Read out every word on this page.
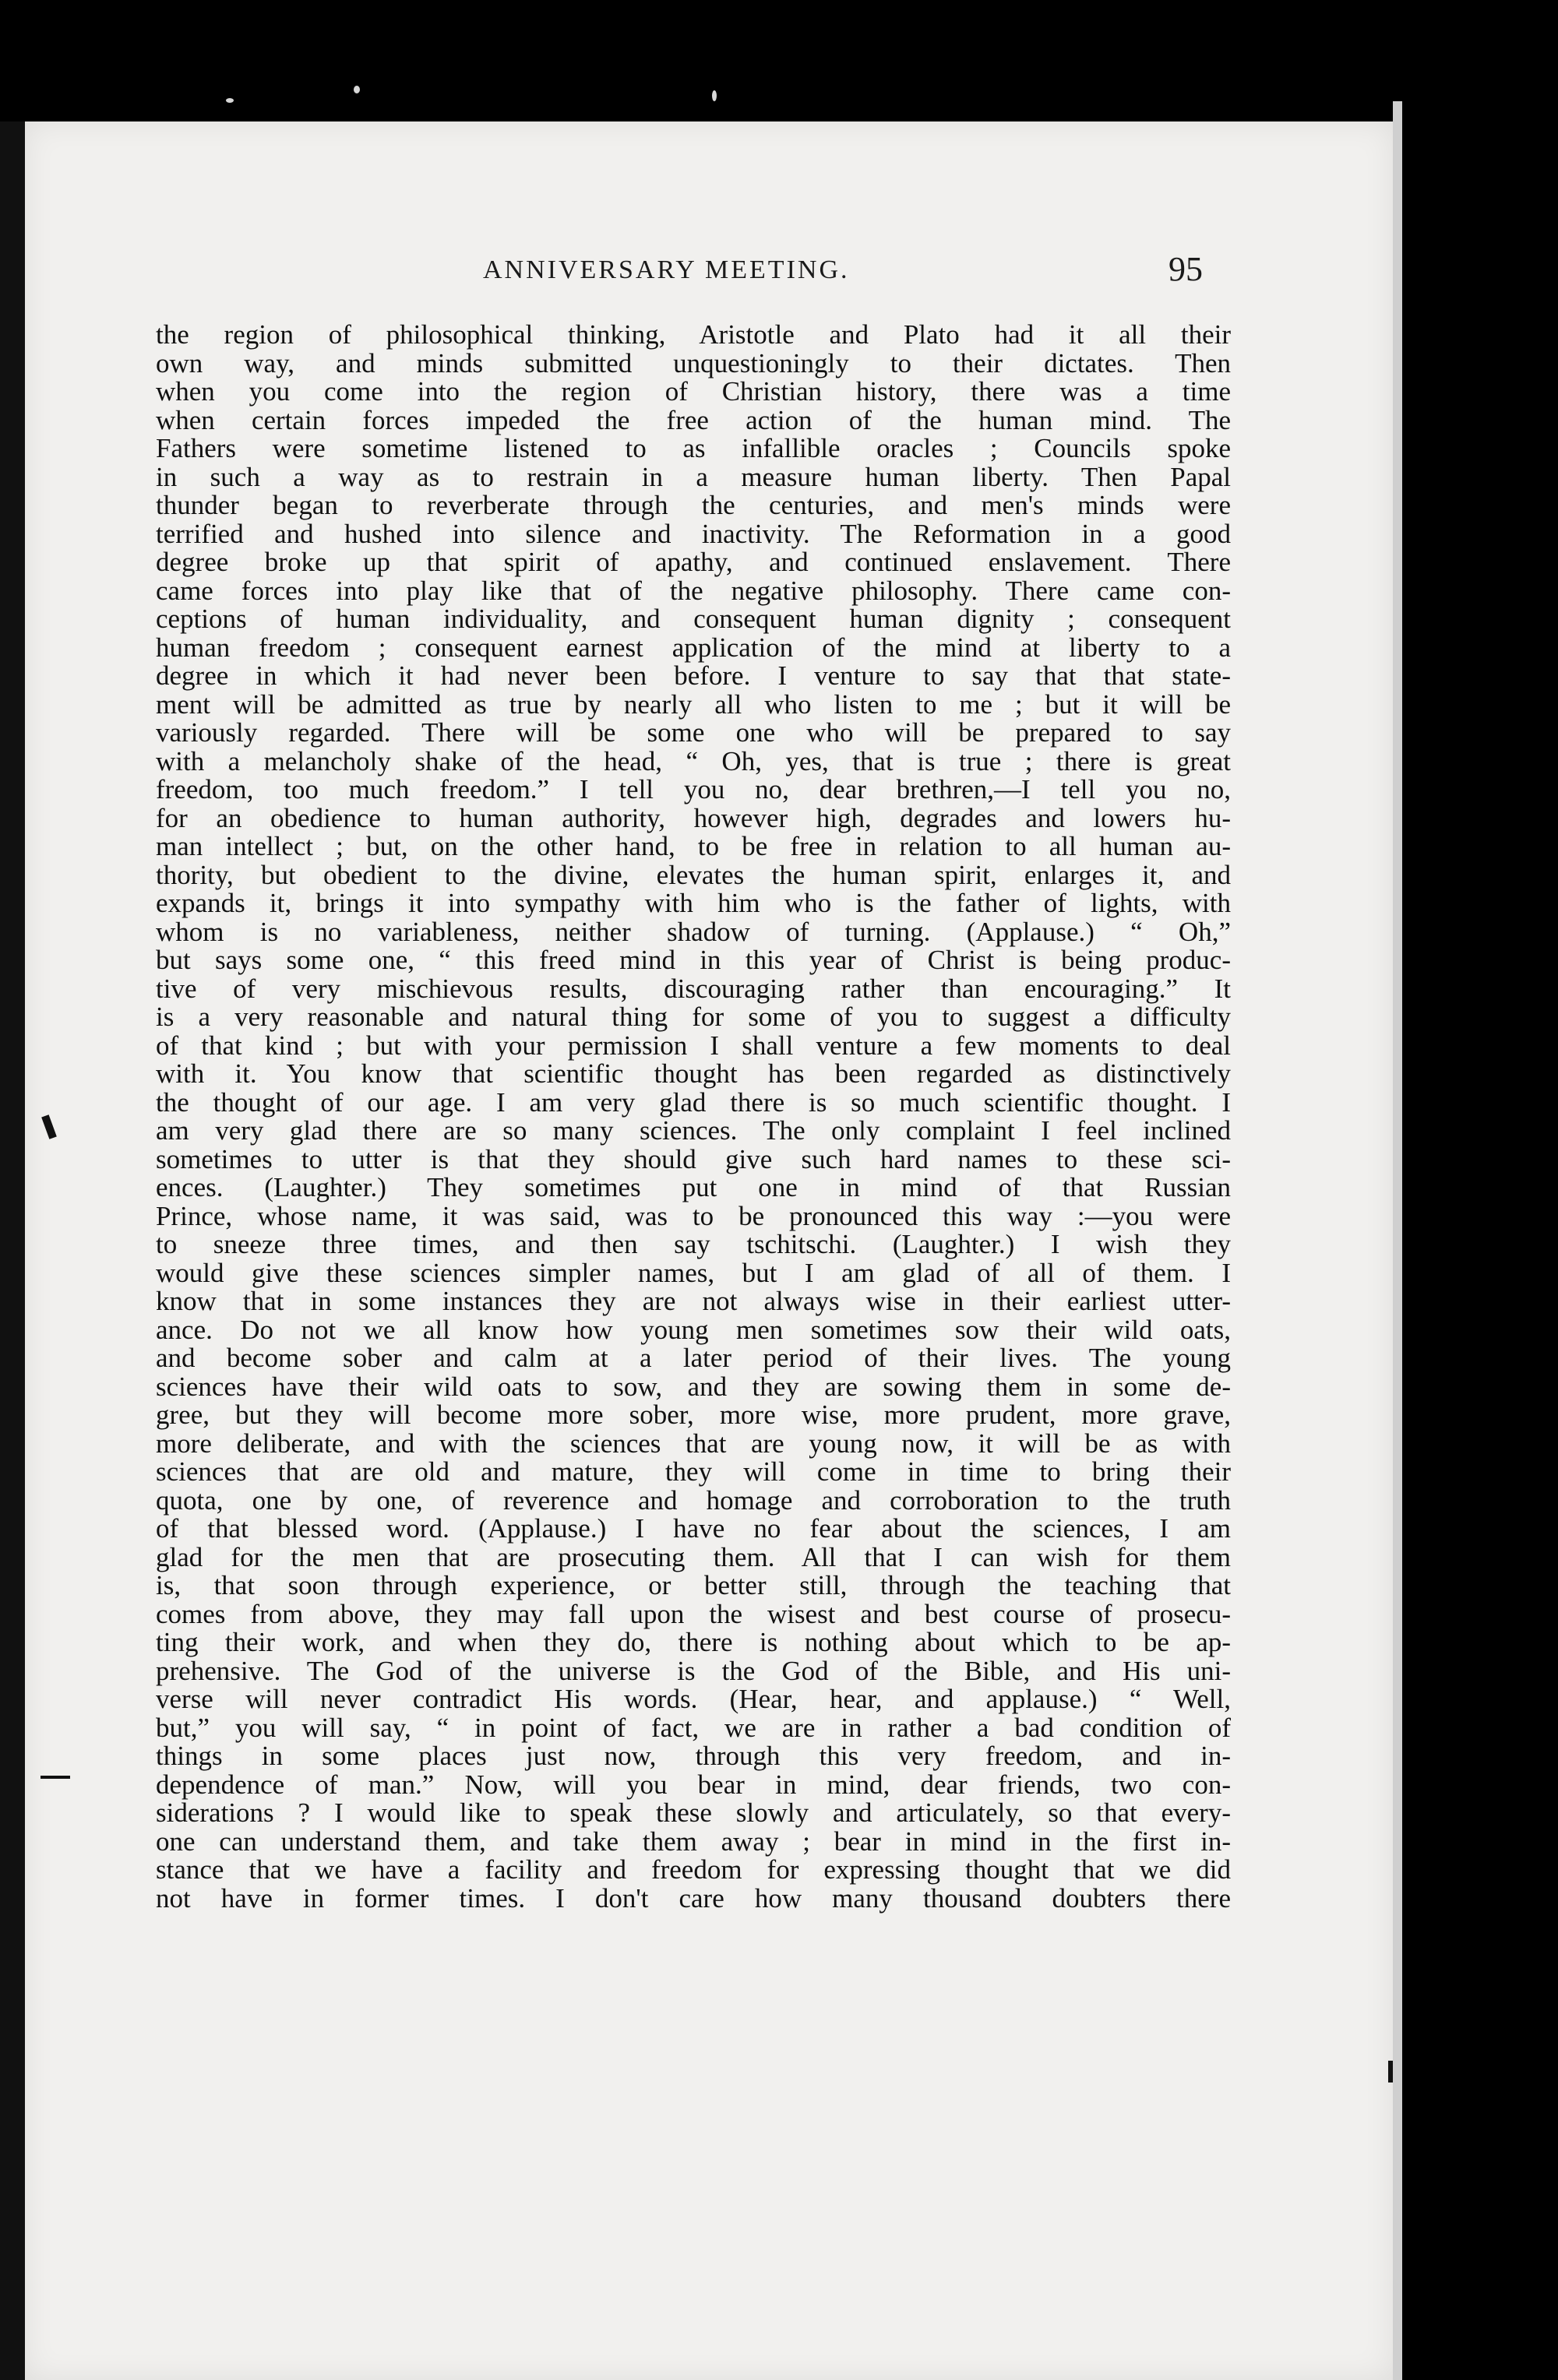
ANNIVERSARY MEETING.	95
the region of philosophical thinking, Aristotle and Plato had it all their
own way, and minds submitted unquestioningly to their dictates. Then
when you come into the region of Christian history, there was a time
when certain forces impeded the free action of the human mind. The
Fathers were sometime listened to as infallible oracles ; Councils spoke
in such a way as to restrain in a measure human liberty. Then Papal
thunder began to reverberate through the centuries, and men's minds were
terrified and hushed into silence and inactivity. The Reformation in a good
degree broke up that spirit of apathy, and continued enslavement. There
came forces into play like that of the negative philosophy. There came con-
ceptions of human individuality, and consequent human dignity ; consequent
human freedom ; consequent earnest application of the mind at liberty to a
degree in which it had never been before. I venture to say that that state-
ment will be admitted as true by nearly all who listen to me ; but it will be
variously regarded. There will be some one who will be prepared to say
with a melancholy shake of the head, “ Oh, yes, that is true ; there is great
freedom, too much freedom.” I tell you no, dear brethren,—I tell you no,
for an obedience to human authority, however high, degrades and lowers hu-
man intellect ; but, on the other hand, to be free in relation to all human au-
thority, but obedient to the divine, elevates the human spirit, enlarges it, and
expands it, brings it into sympathy with him who is the father of lights, with
whom is no variableness, neither shadow of turning. (Applause.) “ Oh,”
but says some one, “ this freed mind in this year of Christ is being produc-
tive of very mischievous results, discouraging rather than encouraging.” It
is a very reasonable and natural thing for some of you to suggest a difficulty
of that kind ; but with your permission I shall venture a few moments to deal
with it. You know that scientific thought has been regarded as distinctively
the thought of our age. I am very glad there is so much scientific thought. I
am very glad there are so many sciences. The only complaint I feel inclined
sometimes to utter is that they should give such hard names to these sci-
ences. (Laughter.) They sometimes put one in mind of that Russian
Prince, whose name, it was said, was to be pronounced this way :—you were
to sneeze three times, and then say tschitschi. (Laughter.) I wish they
would give these sciences simpler names, but I am glad of all of them. I
know that in some instances they are not always wise in their earliest utter-
ance. Do not we all know how young men sometimes sow their wild oats,
and become sober and calm at a later period of their lives. The young
sciences have their wild oats to sow, and they are sowing them in some de-
gree, but they will become more sober, more wise, more prudent, more grave,
more deliberate, and with the sciences that are young now, it will be as with
sciences that are old and mature, they will come in time to bring their
quota, one by one, of reverence and homage and corroboration to the truth
of that blessed word. (Applause.) I have no fear about the sciences, I am
glad for the men that are prosecuting them. All that I can wish for them
is, that soon through experience, or better still, through the teaching that
comes from above, they may fall upon the wisest and best course of prosecu-
ting their work, and when they do, there is nothing about which to be ap-
prehensive. The God of the universe is the God of the Bible, and His uni-
verse will never contradict His words. (Hear, hear, and applause.) “ Well,
but,” you will say, “ in point of fact, we are in rather a bad condition of
things in some places just now, through this very freedom, and in-
dependence of man.” Now, will you bear in mind, dear friends, two con-
siderations ? I would like to speak these slowly and articulately, so that every-
one can understand them, and take them away ; bear in mind in the first in-
stance that we have a facility and freedom for expressing thought that we did
not have in former times. I don't care how many thousand doubters there
